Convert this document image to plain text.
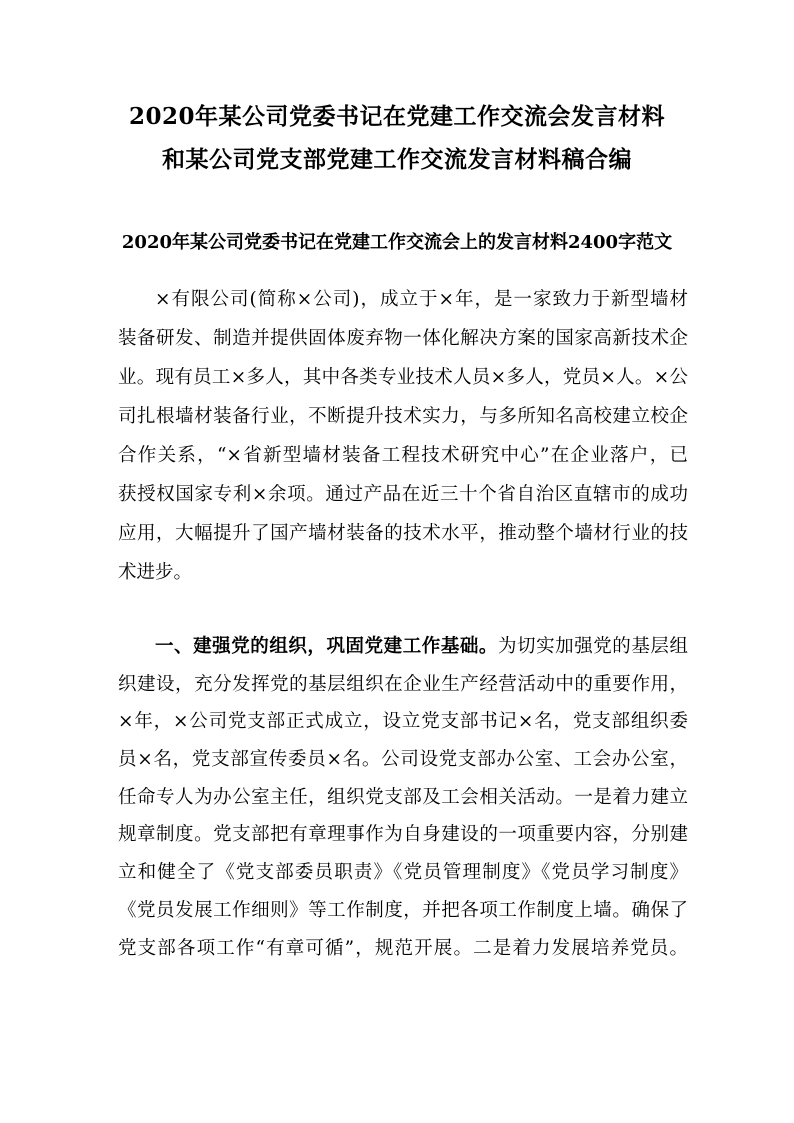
2020年某公司党委书记在党建工作交流会发言材料
和某公司党支部党建工作交流发言材料稿合编
2020年某公司党委书记在党建工作交流会上的发言材料2400字范文
×有限公司(简称×公司)，成立于×年，是一家致力于新型墙材
装备研发、制造并提供固体废弃物一体化解决方案的国家高新技术企
业。现有员工×多人，其中各类专业技术人员×多人，党员×人。×公
司扎根墙材装备行业，不断提升技术实力，与多所知名高校建立校企
合作关系，“×省新型墙材装备工程技术研究中心”在企业落户，已
获授权国家专利×余项。通过产品在近三十个省自治区直辖市的成功
应用，大幅提升了国产墙材装备的技术水平，推动整个墙材行业的技
术进步。
一、建强党的组织，巩固党建工作基础。为切实加强党的基层组
织建设，充分发挥党的基层组织在企业生产经营活动中的重要作用，
×年，×公司党支部正式成立，设立党支部书记×名，党支部组织委
员×名，党支部宣传委员×名。公司设党支部办公室、工会办公室，
任命专人为办公室主任，组织党支部及工会相关活动。一是着力建立
规章制度。党支部把有章理事作为自身建设的一项重要内容，分别建
立和健全了《党支部委员职责》《党员管理制度》《党员学习制度》
《党员发展工作细则》等工作制度，并把各项工作制度上墙。确保了
党支部各项工作“有章可循”，规范开展。二是着力发展培养党员。
